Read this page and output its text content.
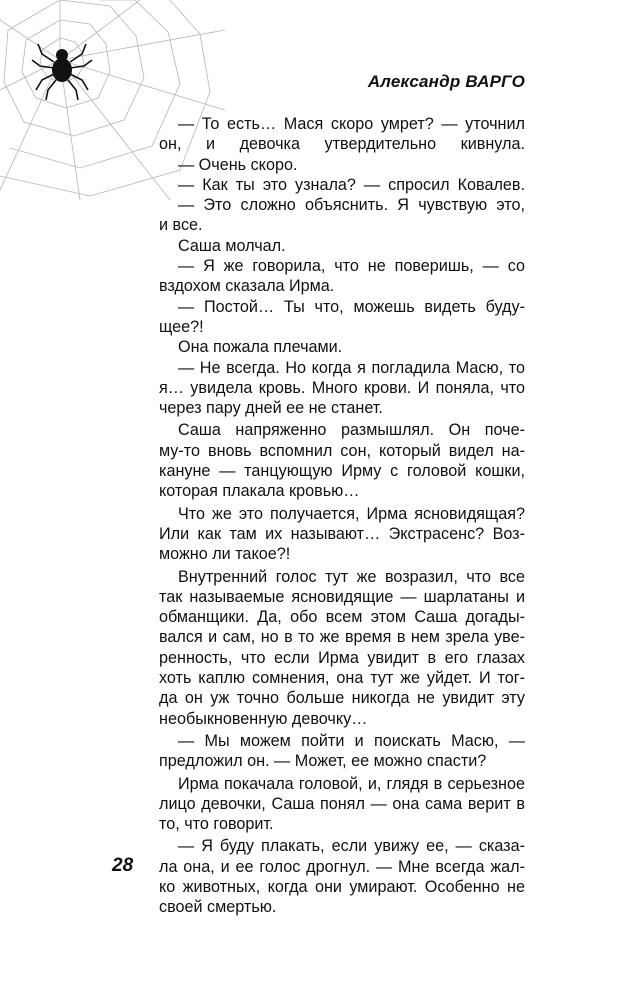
Александр ВАРГО
— То есть… Мася скоро умрет? — уточнил
он, и девочка утвердительно кивнула.
— Очень скоро.
— Как ты это узнала? — спросил Ковалев.
— Это сложно объяснить. Я чувствую это,
и все.
Саша молчал.
— Я же говорила, что не поверишь, — со
вздохом сказала Ирма.
— Постой… Ты что, можешь видеть буду-
щее?!
Она пожала плечами.
— Не всегда. Но когда я погладила Масю, то
я… увидела кровь. Много крови. И поняла, что
через пару дней ее не станет.
Саша напряженно размышлял. Он поче-
му-то вновь вспомнил сон, который видел на-
кануне — танцующую Ирму с головой кошки,
которая плакала кровью…
Что же это получается, Ирма ясновидящая?
Или как там их называют… Экстрасенс? Воз-
можно ли такое?!
Внутренний голос тут же возразил, что все
так называемые ясновидящие — шарлатаны и
обманщики. Да, обо всем этом Саша догады-
вался и сам, но в то же время в нем зрела уве-
ренность, что если Ирма увидит в его глазах
хоть каплю сомнения, она тут же уйдет. И тог-
да он уж точно больше никогда не увидит эту
необыкновенную девочку…
— Мы можем пойти и поискать Масю, —
предложил он. — Может, ее можно спасти?
Ирма покачала головой, и, глядя в серьезное
лицо девочки, Саша понял — она сама верит в
то, что говорит.
— Я буду плакать, если увижу ее, — сказа-
ла она, и ее голос дрогнул. — Мне всегда жал-
ко животных, когда они умирают. Особенно не
своей смертью.
28
